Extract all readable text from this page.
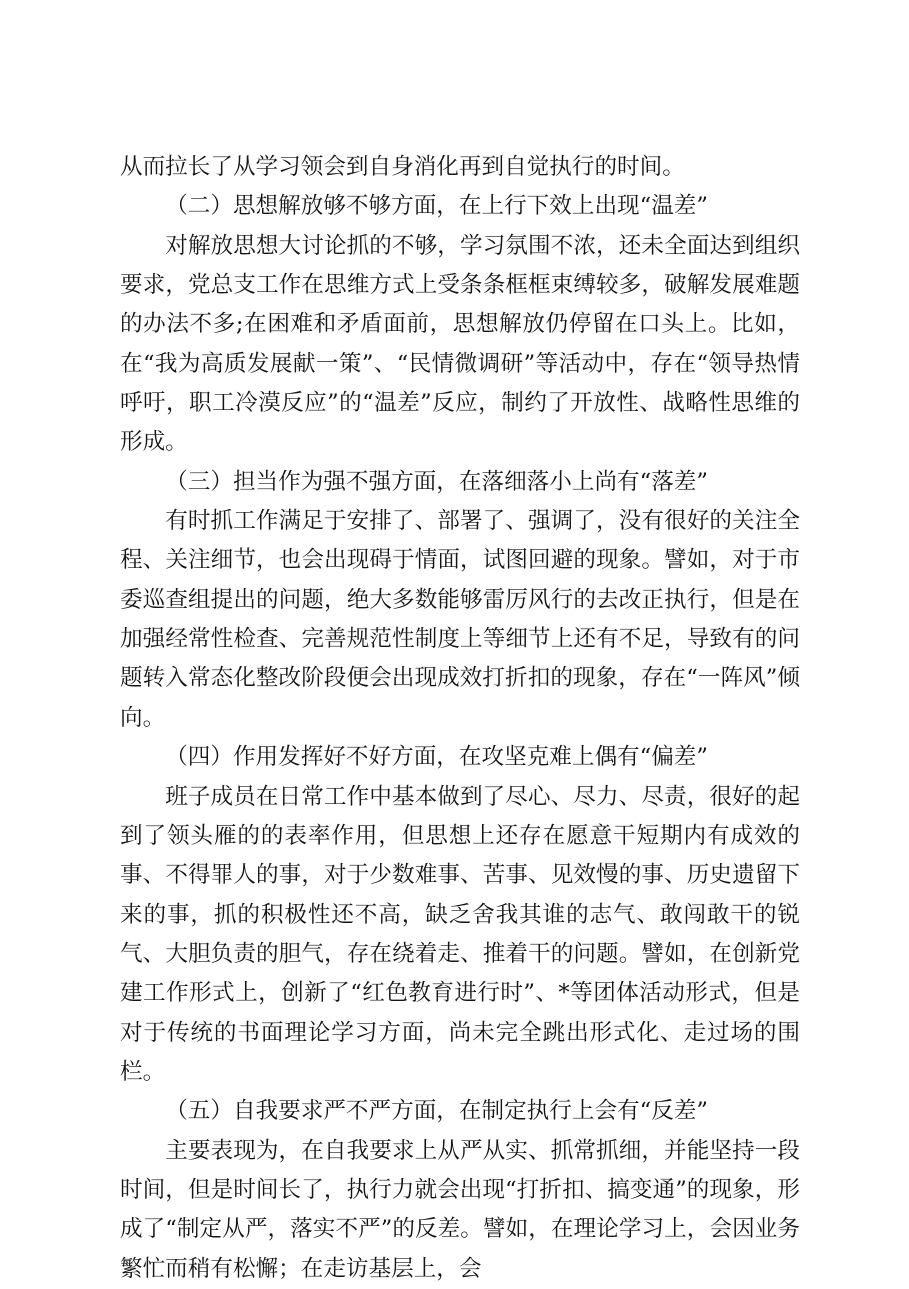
从而拉长了从学习领会到自身消化再到自觉执行的时间。

（二）思想解放够不够方面，在上行下效上出现“温差”

对解放思想大讨论抓的不够，学习氛围不浓，还未全面达到组织要求，党总支工作在思维方式上受条条框框束缚较多，破解发展难题的办法不多;在困难和矛盾面前，思想解放仍停留在口头上。比如，在“我为高质发展献一策”、“民情微调研”等活动中，存在“领导热情呼吁，职工冷漠反应”的“温差”反应，制约了开放性、战略性思维的形成。

（三）担当作为强不强方面，在落细落小上尚有“落差”

有时抓工作满足于安排了、部署了、强调了，没有很好的关注全程、关注细节，也会出现碍于情面，试图回避的现象。譬如，对于市委巡查组提出的问题，绝大多数能够雷厉风行的去改正执行，但是在加强经常性检查、完善规范性制度上等细节上还有不足，导致有的问题转入常态化整改阶段便会出现成效打折扣的现象，存在“一阵风”倾向。

（四）作用发挥好不好方面，在攻坚克难上偶有“偏差”

班子成员在日常工作中基本做到了尽心、尽力、尽责，很好的起到了领头雁的的表率作用，但思想上还存在愿意干短期内有成效的事、不得罪人的事，对于少数难事、苦事、见效慢的事、历史遗留下来的事，抓的积极性还不高，缺乏舍我其谁的志气、敢闯敢干的锐气、大胆负责的胆气，存在绕着走、推着干的问题。譬如，在创新党建工作形式上，创新了“红色教育进行时”、*等团体活动形式，但是对于传统的书面理论学习方面，尚未完全跳出形式化、走过场的围栏。

（五）自我要求严不严方面，在制定执行上会有“反差”

主要表现为，在自我要求上从严从实、抓常抓细，并能坚持一段时间，但是时间长了，执行力就会出现“打折扣、搞变通”的现象，形成了“制定从严，落实不严”的反差。譬如，在理论学习上，会因业务繁忙而稍有松懈；在走访基层上，会
